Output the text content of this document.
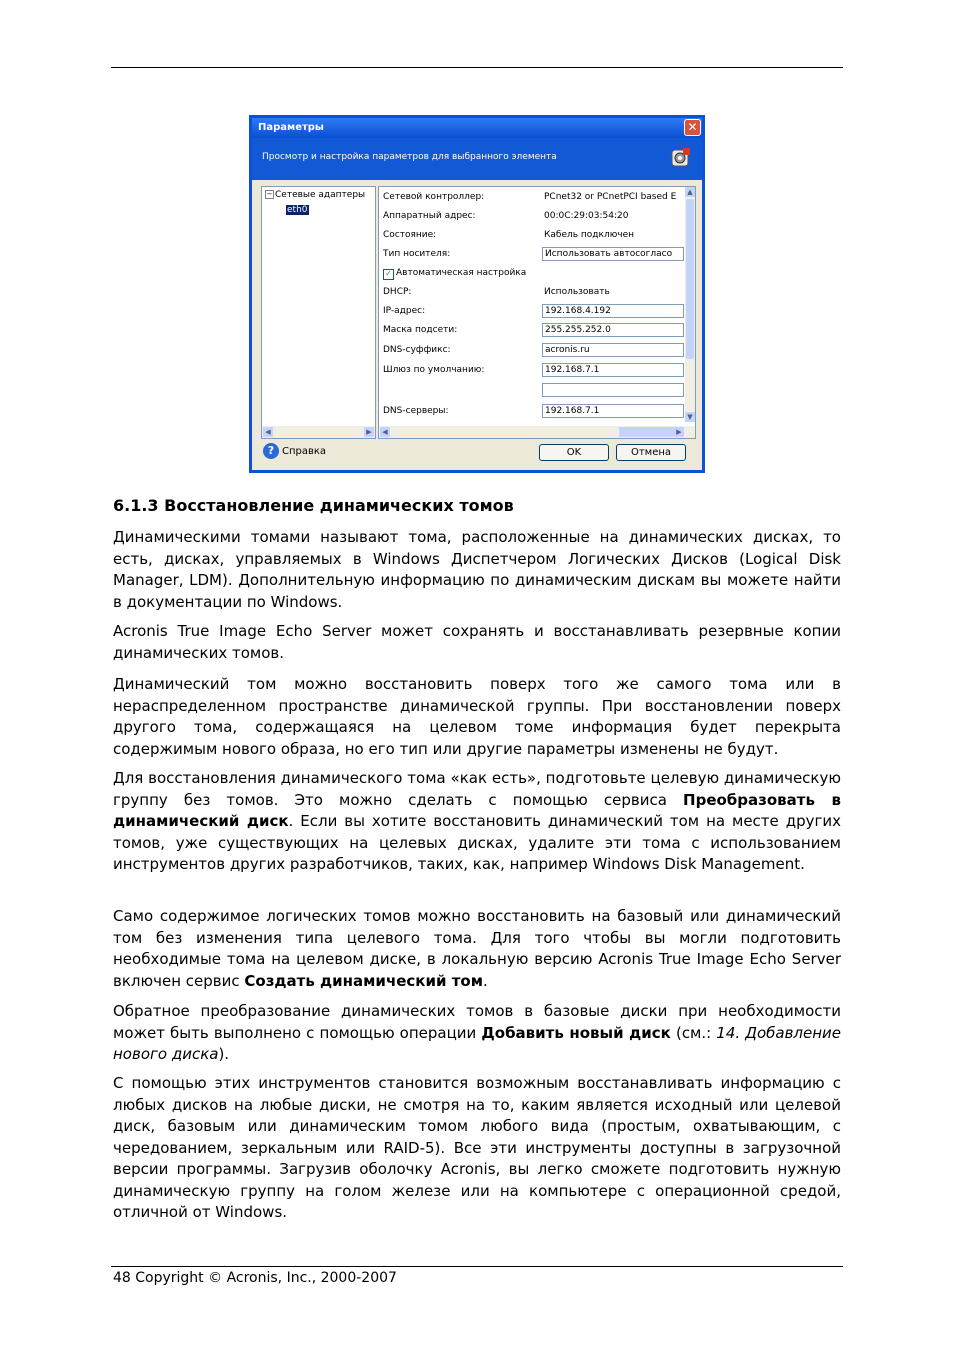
Параметры	✕
Просмотр и настройка параметров для выбранного элемента
− Сетевые адаптеры
eth0
◀	▶
Сетевой контроллер:	PCnet32 or PCnetPCI based E
Аппаратный адрес:	00:0C:29:03:54:20
Состояние:	Кабель подключен
Тип носителя:	Использовать автосогласо
✓ Автоматическая настройка
DHCP:	Использовать
IP-адрес:	192.168.4.192
Маска подсети:	255.255.252.0
DNS-суффикс:	acronis.ru
Шлюз по умолчанию:	192.168.7.1
DNS-серверы:	192.168.7.1
▲
▼
◀	▶
? Справка	OK	Отмена
6.1.3 Восстановление динамических томов

Динамическими томами называют тома, расположенные на динамических дисках, то есть, дисках, управляемых в Windows Диспетчером Логических Дисков (Logical Disk Manager, LDM). Дополнительную информацию по динамическим дискам вы можете найти в документации по Windows.

Acronis True Image Echo Server может сохранять и восстанавливать резервные копии динамических томов.

Динамический том можно восстановить поверх того же самого тома или в нераспределенном пространстве динамической группы. При восстановлении поверх другого тома, содержащаяся на целевом томе информация будет перекрыта содержимым нового образа, но его тип или другие параметры изменены не будут.

Для восстановления динамического тома «как есть», подготовьте целевую динамическую группу без томов. Это можно сделать с помощью сервиса Преобразовать в динамический диск. Если вы хотите восстановить динамический том на месте других томов, уже существующих на целевых дисках, удалите эти тома с использованием инструментов других разработчиков, таких, как, например Windows Disk Management.

Само содержимое логических томов можно восстановить на базовый или динамический том без изменения типа целевого тома. Для того чтобы вы могли подготовить необходимые тома на целевом диске, в локальную версию Acronis True Image Echo Server включен сервис Создать динамический том.

Обратное преобразование динамических томов в базовые диски при необходимости может быть выполнено с помощью операции Добавить новый диск (см.: 14. Добавление нового диска).

С помощью этих инструментов становится возможным восстанавливать информацию с любых дисков на любые диски, не смотря на то, каким является исходный или целевой диск, базовым или динамическим томом любого вида (простым, охватывающим, с чередованием, зеркальным или RAID-5). Все эти инструменты доступны в загрузочной версии программы. Загрузив оболочку Acronis, вы легко сможете подготовить нужную динамическую группу на голом железе или на компьютере с операционной средой, отличной от Windows.

48 Copyright © Acronis, Inc., 2000-2007
